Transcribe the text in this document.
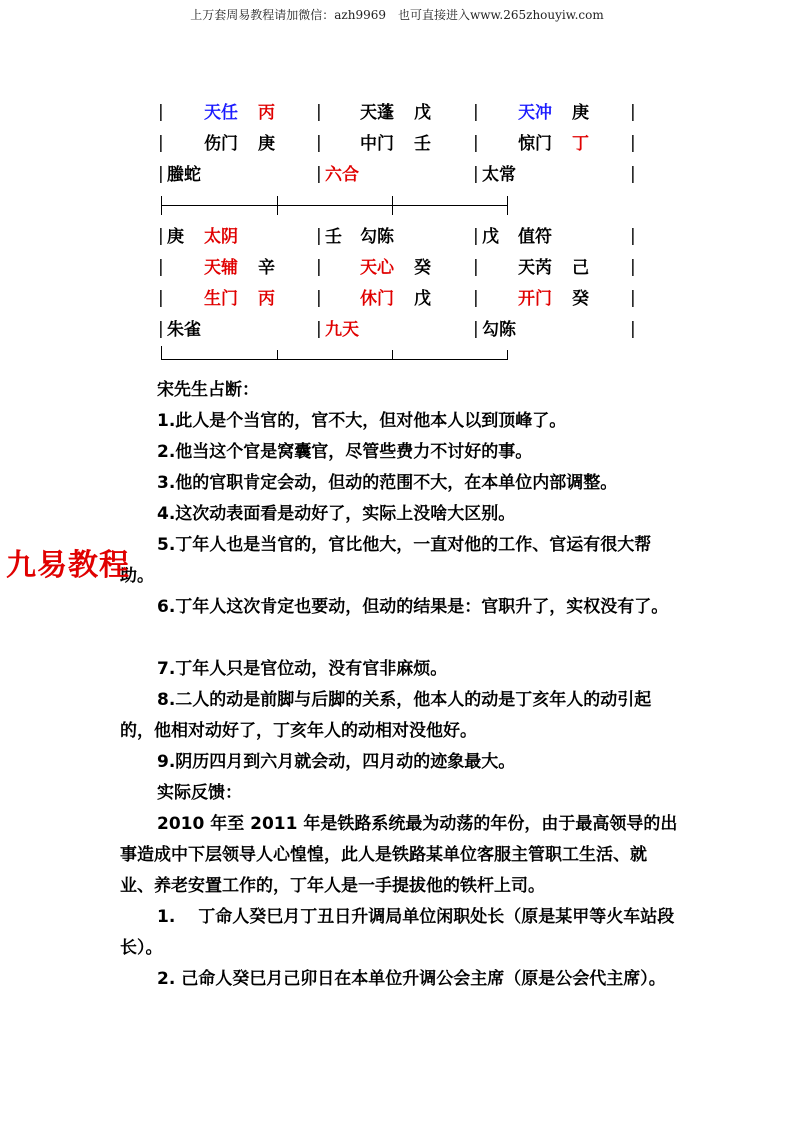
上万套周易教程请加微信：azh9969　也可直接进入www.265zhouyiw.com
|
|
|
|
|
|
|
|
|
|
|
|
天任 丙	天蓬 戊	天冲 庚
伤门 庚	中门 壬	惊门 丁
螣蛇	六合	太常
|
|
|
|
|
|
|
|
|
|
|
|
|
|
|
|
庚 太阴	壬 勾陈	戊 值符
天辅 辛	天心 癸	天芮 己
生门 丙	休门 戊	开门 癸
朱雀	九天	勾陈
宋先生占断：
1.此人是个当官的，官不大，但对他本人以到顶峰了。
2.他当这个官是窝囊官，尽管些费力不讨好的事。
3.他的官职肯定会动，但动的范围不大，在本单位内部调整。
4.这次动表面看是动好了，实际上没啥大区别。
5.丁年人也是当官的，官比他大，一直对他的工作、官运有很大帮助。
6.丁年人这次肯定也要动，但动的结果是：官职升了，实权没有了。
7.丁年人只是官位动，没有官非麻烦。
8.二人的动是前脚与后脚的关系，他本人的动是丁亥年人的动引起的，他相对动好了，丁亥年人的动相对没他好。
9.阴历四月到六月就会动，四月动的迹象最大。
实际反馈：
2010 年至 2011 年是铁路系统最为动荡的年份，由于最高领导的出事造成中下层领导人心惶惶，此人是铁路某单位客服主管职工生活、就业、养老安置工作的，丁年人是一手提拔他的铁杆上司。
1.　 丁命人癸巳月丁丑日升调局单位闲职处长（原是某甲等火车站段长）。
2. 己命人癸巳月己卯日在本单位升调公会主席（原是公会代主席）。
九易教程
